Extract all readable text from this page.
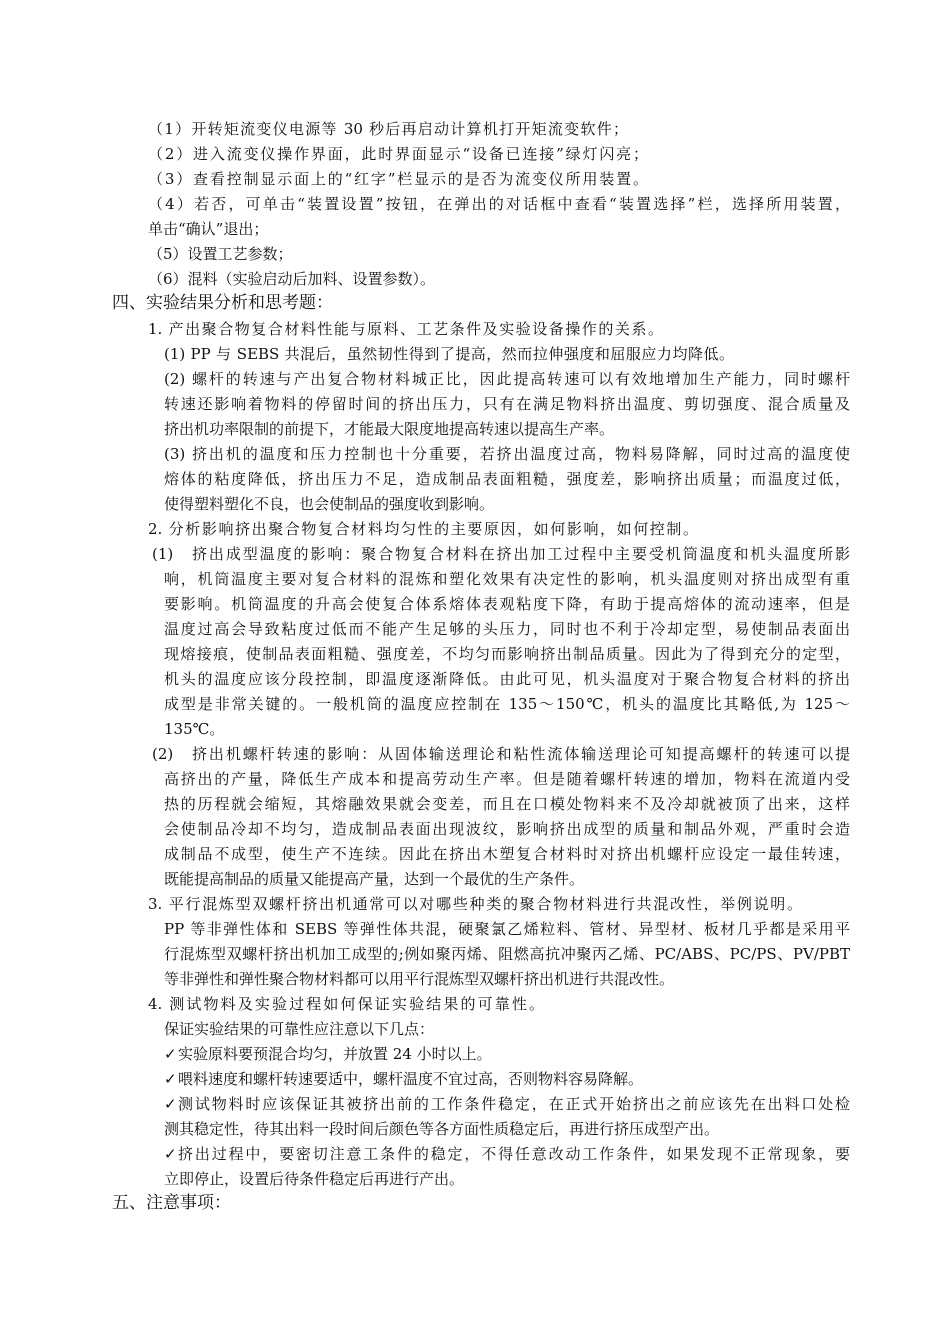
（1）开转矩流变仪电源等 30 秒后再启动计算机打开矩流变软件；
（2）进入流变仪操作界面，此时界面显示“设备已连接”绿灯闪亮；
（3）查看控制显示面上的“红字”栏显示的是否为流变仪所用装置。
（4）若否，可单击“装置设置”按钮，在弹出的对话框中查看“装置选择”栏，选择所用装置，
单击“确认”退出；
（5）设置工艺参数；
（6）混料（实验启动后加料、设置参数）。
四、实验结果分析和思考题：
1. 产出聚合物复合材料性能与原料、工艺条件及实验设备操作的关系。
(1) PP 与 SEBS 共混后，虽然韧性得到了提高，然而拉伸强度和屈服应力均降低。
(2) 螺杆的转速与产出复合物材料城正比，因此提高转速可以有效地增加生产能力，同时螺杆
转速还影响着物料的停留时间的挤出压力，只有在满足物料挤出温度、剪切强度、混合质量及
挤出机功率限制的前提下，才能最大限度地提高转速以提高生产率。
(3) 挤出机的温度和压力控制也十分重要，若挤出温度过高，物料易降解，同时过高的温度使
熔体的粘度降低，挤出压力不足，造成制品表面粗糙，强度差，影响挤出质量；而温度过低，
使得塑料塑化不良，也会使制品的强度收到影响。
2. 分析影响挤出聚合物复合材料均匀性的主要原因，如何影响，如何控制。
(1) 挤出成型温度的影响：聚合物复合材料在挤出加工过程中主要受机筒温度和机头温度所影
响，机筒温度主要对复合材料的混炼和塑化效果有决定性的影响，机头温度则对挤出成型有重
要影响。机筒温度的升高会使复合体系熔体表观粘度下降，有助于提高熔体的流动速率，但是
温度过高会导致粘度过低而不能产生足够的头压力，同时也不利于冷却定型，易使制品表面出
现熔接痕，使制品表面粗糙、强度差，不均匀而影响挤出制品质量。因此为了得到充分的定型，
机头的温度应该分段控制，即温度逐渐降低。由此可见，机头温度对于聚合物复合材料的挤出
成型是非常关键的。一般机筒的温度应控制在 135～150℃，机头的温度比其略低,为 125～
135℃。
(2) 挤出机螺杆转速的影响：从固体输送理论和粘性流体输送理论可知提高螺杆的转速可以提
高挤出的产量，降低生产成本和提高劳动生产率。但是随着螺杆转速的增加，物料在流道内受
热的历程就会缩短，其熔融效果就会变差，而且在口模处物料来不及冷却就被顶了出来，这样
会使制品冷却不均匀，造成制品表面出现波纹，影响挤出成型的质量和制品外观，严重时会造
成制品不成型，使生产不连续。因此在挤出木塑复合材料时对挤出机螺杆应设定一最佳转速，
既能提高制品的质量又能提高产量，达到一个最优的生产条件。
3. 平行混炼型双螺杆挤出机通常可以对哪些种类的聚合物材料进行共混改性，举例说明。
PP 等非弹性体和 SEBS 等弹性体共混，硬聚氯乙烯粒料、管材、异型材、板材几乎都是采用平
行混炼型双螺杆挤出机加工成型的;例如聚丙烯、阻燃高抗冲聚丙乙烯、PC/ABS、PC/PS、PV/PBT
等非弹性和弹性聚合物材料都可以用平行混炼型双螺杆挤出机进行共混改性。
4. 测试物料及实验过程如何保证实验结果的可靠性。
保证实验结果的可靠性应注意以下几点：
✓ 实验原料要预混合均匀，并放置 24 小时以上。
✓ 喂料速度和螺杆转速要适中，螺杆温度不宜过高，否则物料容易降解。
✓ 测试物料时应该保证其被挤出前的工作条件稳定，在正式开始挤出之前应该先在出料口处检
测其稳定性，待其出料一段时间后颜色等各方面性质稳定后，再进行挤压成型产出。
✓ 挤出过程中，要密切注意工条件的稳定，不得任意改动工作条件，如果发现不正常现象，要
立即停止，设置后待条件稳定后再进行产出。
五、注意事项：
